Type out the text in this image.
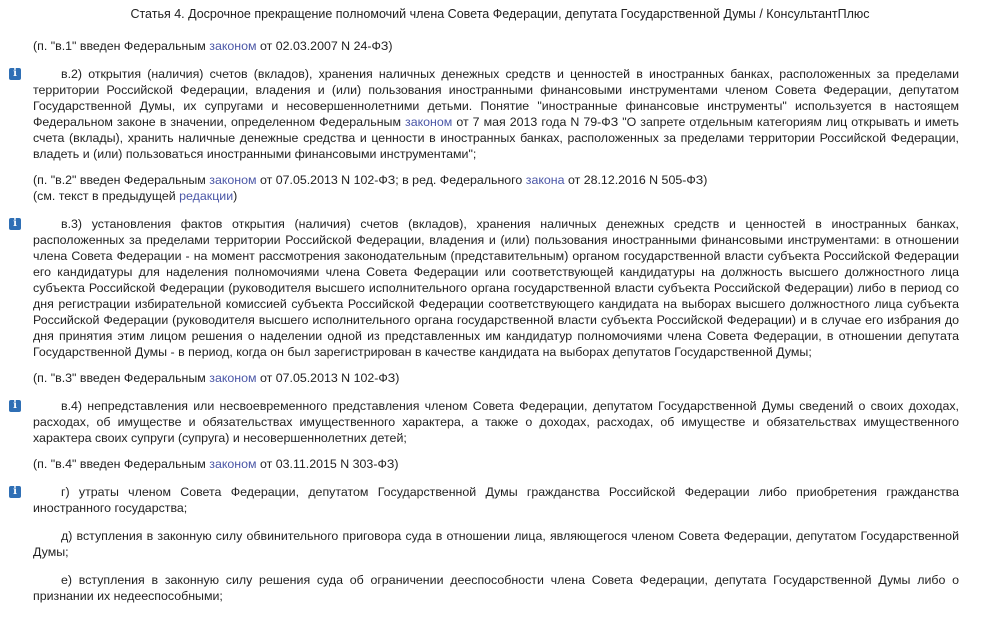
Статья 4. Досрочное прекращение полномочий члена Совета Федерации, депутата Государственной Думы / КонсультантПлюс
(п. "в.1" введен Федеральным законом от 02.03.2007 N 24-ФЗ)
i	в.2) открытия (наличия) счетов (вкладов), хранения наличных денежных средств и ценностей в иностранных банках, расположенных за пределами территории Российской Федерации, владения и (или) пользования иностранными финансовыми инструментами членом Совета Федерации, депутатом Государственной Думы, их супругами и несовершеннолетними детьми. Понятие "иностранные финансовые инструменты" используется в настоящем Федеральном законе в значении, определенном Федеральным законом от 7 мая 2013 года N 79-ФЗ "О запрете отдельным категориям лиц открывать и иметь счета (вклады), хранить наличные денежные средства и ценности в иностранных банках, расположенных за пределами территории Российской Федерации, владеть и (или) пользоваться иностранными финансовыми инструментами";
(п. "в.2" введен Федеральным законом от 07.05.2013 N 102-ФЗ; в ред. Федерального закона от 28.12.2016 N 505-ФЗ)
(см. текст в предыдущей редакции)
i	в.3) установления фактов открытия (наличия) счетов (вкладов), хранения наличных денежных средств и ценностей в иностранных банках, расположенных за пределами территории Российской Федерации, владения и (или) пользования иностранными финансовыми инструментами: в отношении члена Совета Федерации - на момент рассмотрения законодательным (представительным) органом государственной власти субъекта Российской Федерации его кандидатуры для наделения полномочиями члена Совета Федерации или соответствующей кандидатуры на должность высшего должностного лица субъекта Российской Федерации (руководителя высшего исполнительного органа государственной власти субъекта Российской Федерации) либо в период со дня регистрации избирательной комиссией субъекта Российской Федерации соответствующего кандидата на выборах высшего должностного лица субъекта Российской Федерации (руководителя высшего исполнительного органа государственной власти субъекта Российской Федерации) и в случае его избрания до дня принятия этим лицом решения о наделении одной из представленных им кандидатур полномочиями члена Совета Федерации, в отношении депутата Государственной Думы - в период, когда он был зарегистрирован в качестве кандидата на выборах депутатов Государственной Думы;
(п. "в.3" введен Федеральным законом от 07.05.2013 N 102-ФЗ)
i	в.4) непредставления или несвоевременного представления членом Совета Федерации, депутатом Государственной Думы сведений о своих доходах, расходах, об имуществе и обязательствах имущественного характера, а также о доходах, расходах, об имуществе и обязательствах имущественного характера своих супруги (супруга) и несовершеннолетних детей;
(п. "в.4" введен Федеральным законом от 03.11.2015 N 303-ФЗ)
i	г) утраты членом Совета Федерации, депутатом Государственной Думы гражданства Российской Федерации либо приобретения гражданства иностранного государства;
д) вступления в законную силу обвинительного приговора суда в отношении лица, являющегося членом Совета Федерации, депутатом Государственной Думы;
е) вступления в законную силу решения суда об ограничении дееспособности члена Совета Федерации, депутата Государственной Думы либо о признании их недееспособными;
